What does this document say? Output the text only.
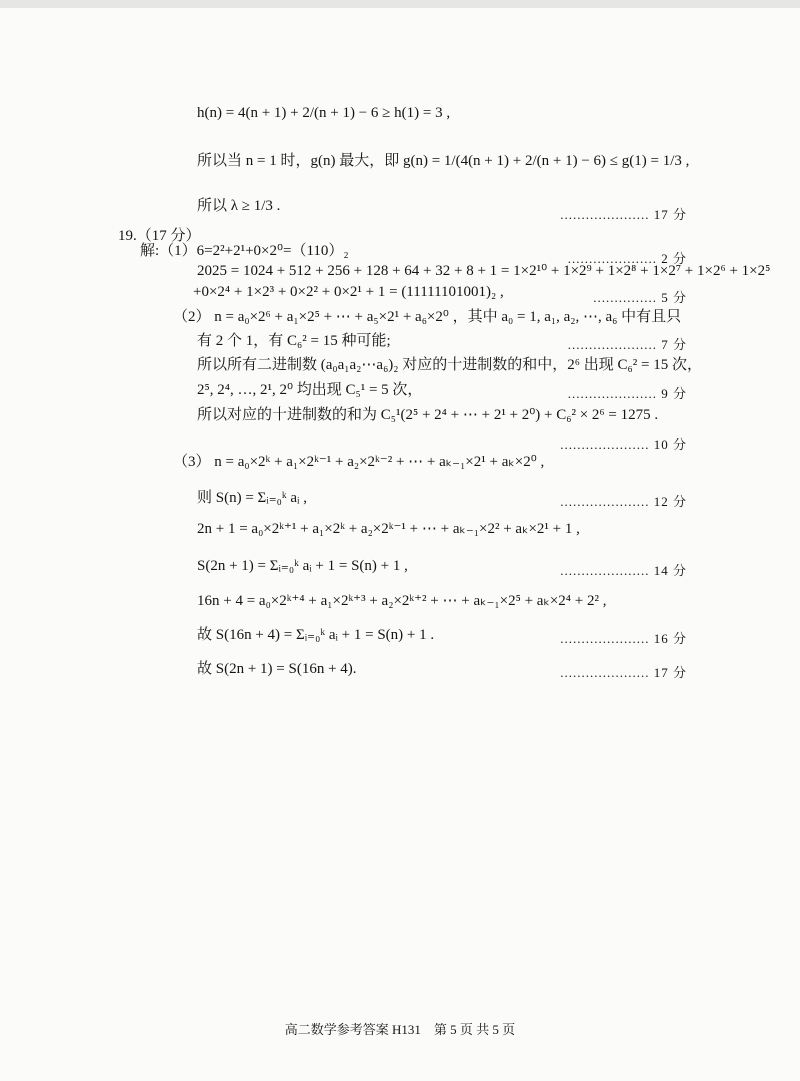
h(n) = 4(n + 1) + 2/(n + 1) − 6 ≥ h(1) = 3 ,
所以当 n = 1 时，g(n) 最大，即 g(n) = 1/(4(n + 1) + 2/(n + 1) − 6) ≤ g(1) = 1/3 ,
所以 λ ≥ 1/3 .
19.（17 分）
解:（1）6=2²+2¹+0×2⁰=（110）₂
2025 = 1024 + 512 + 256 + 128 + 64 + 32 + 8 + 1 = 1×2¹⁰ + 1×2⁹ + 1×2⁸ + 1×2⁷ + 1×2⁶ + 1×2⁵
+0×2⁴ + 1×2³ + 0×2² + 0×2¹ + 1 = (11111101001)₂ ,
（2） n = a₀×2⁶ + a₁×2⁵ + ⋯ + a₅×2¹ + a₆×2⁰ ，其中 a₀ = 1, a₁, a₂, ⋯, a₆ 中有且只
有 2 个 1，有 C₆² = 15 种可能;
所以所有二进制数 (a₀a₁a₂⋯a₆)₂ 对应的十进制数的和中，2⁶ 出现 C₆² = 15 次，
2⁵, 2⁴, …, 2¹, 2⁰ 均出现 C₅¹ = 5 次，
所以对应的十进制数的和为 C₅¹(2⁵ + 2⁴ + ⋯ + 2¹ + 2⁰) + C₆² × 2⁶ = 1275 .
（3） n = a₀×2ᵏ + a₁×2ᵏ⁻¹ + a₂×2ᵏ⁻² + ⋯ + aₖ₋₁×2¹ + aₖ×2⁰ ,
则 S(n) = Σᵢ₌₀ᵏ aᵢ ,
2n + 1 = a₀×2ᵏ⁺¹ + a₁×2ᵏ + a₂×2ᵏ⁻¹ + ⋯ + aₖ₋₁×2² + aₖ×2¹ + 1 ,
S(2n + 1) = Σᵢ₌₀ᵏ aᵢ + 1 = S(n) + 1 ,
16n + 4 = a₀×2ᵏ⁺⁴ + a₁×2ᵏ⁺³ + a₂×2ᵏ⁺² + ⋯ + aₖ₋₁×2⁵ + aₖ×2⁴ + 2² ,
故 S(16n + 4) = Σᵢ₌₀ᵏ aᵢ + 1 = S(n) + 1 .
故 S(2n + 1) = S(16n + 4).
..................... 17 分
..................... 2 分
............... 5 分
..................... 7 分
..................... 9 分
..................... 10 分
..................... 12 分
..................... 14 分
..................... 16 分
..................... 17 分
高二数学参考答案 H131　第 5 页 共 5 页
